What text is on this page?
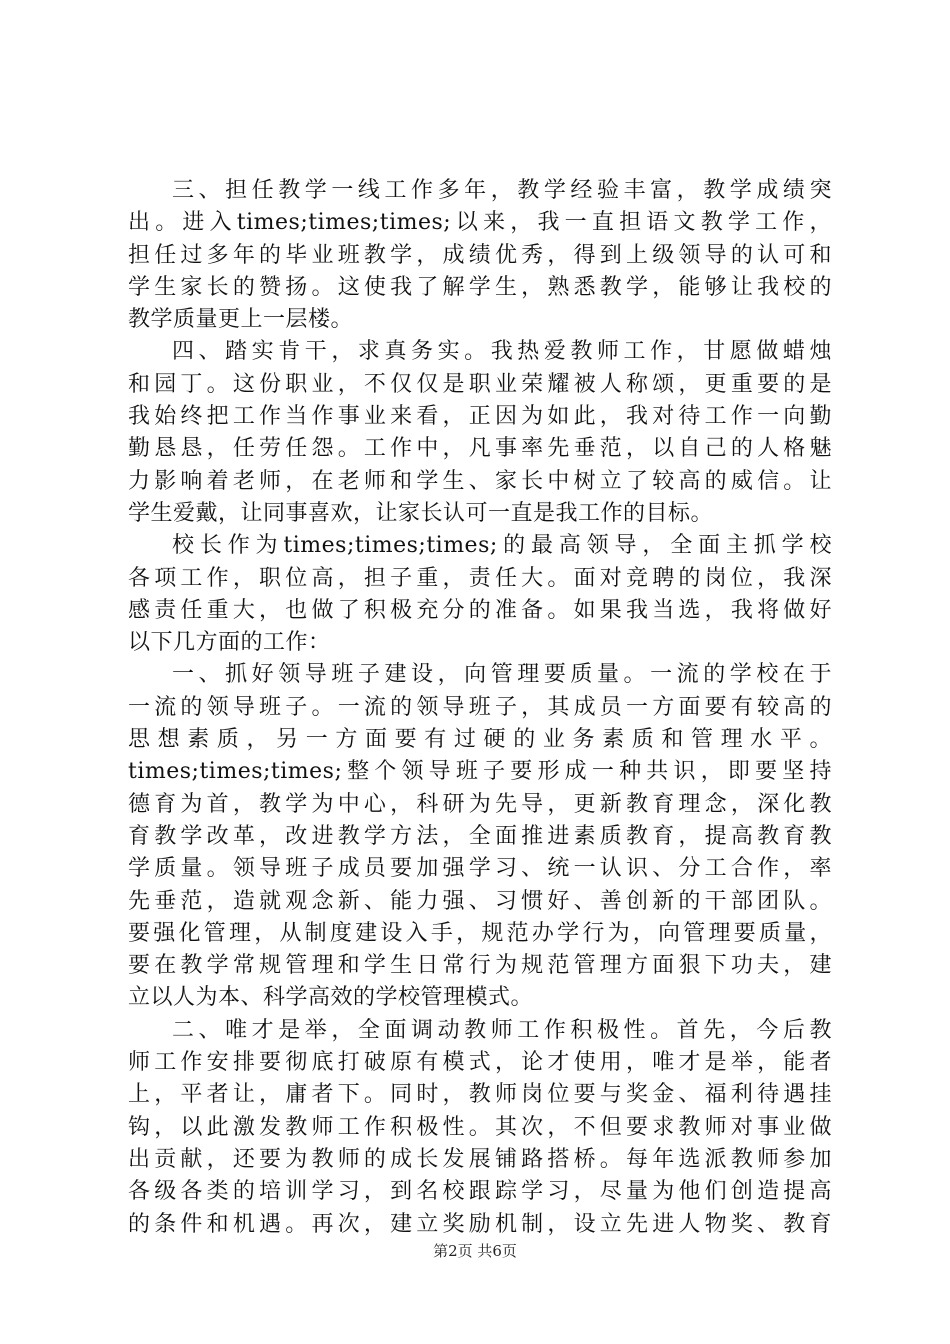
三、担任教学一线工作多年，教学经验丰富，教学成绩突
出。进入times;times;times;以来，我一直担语文教学工作，
担任过多年的毕业班教学，成绩优秀，得到上级领导的认可和
学生家长的赞扬。这使我了解学生，熟悉教学，能够让我校的
教学质量更上一层楼。
四、踏实肯干，求真务实。我热爱教师工作，甘愿做蜡烛
和园丁。这份职业，不仅仅是职业荣耀被人称颂，更重要的是
我始终把工作当作事业来看，正因为如此，我对待工作一向勤
勤恳恳，任劳任怨。工作中，凡事率先垂范，以自己的人格魅
力影响着老师，在老师和学生、家长中树立了较高的威信。让
学生爱戴，让同事喜欢，让家长认可一直是我工作的目标。
校长作为times;times;times;的最高领导，全面主抓学校
各项工作，职位高，担子重，责任大。面对竞聘的岗位，我深
感责任重大，也做了积极充分的准备。如果我当选，我将做好
以下几方面的工作：
一、抓好领导班子建设，向管理要质量。一流的学校在于
一流的领导班子。一流的领导班子，其成员一方面要有较高的
思想素质，另一方面要有过硬的业务素质和管理水平。
times;times;times;整个领导班子要形成一种共识，即要坚持
德育为首，教学为中心，科研为先导，更新教育理念，深化教
育教学改革，改进教学方法，全面推进素质教育，提高教育教
学质量。领导班子成员要加强学习、统一认识、分工合作，率
先垂范，造就观念新、能力强、习惯好、善创新的干部团队。
要强化管理，从制度建设入手，规范办学行为，向管理要质量，
要在教学常规管理和学生日常行为规范管理方面狠下功夫，建
立以人为本、科学高效的学校管理模式。
二、唯才是举，全面调动教师工作积极性。首先，今后教
师工作安排要彻底打破原有模式，论才使用，唯才是举，能者
上，平者让，庸者下。同时，教师岗位要与奖金、福利待遇挂
钩，以此激发教师工作积极性。其次，不但要求教师对事业做
出贡献，还要为教师的成长发展铺路搭桥。每年选派教师参加
各级各类的培训学习，到名校跟踪学习，尽量为他们创造提高
的条件和机遇。再次，建立奖励机制，设立先进人物奖、教育
第2页 共6页
